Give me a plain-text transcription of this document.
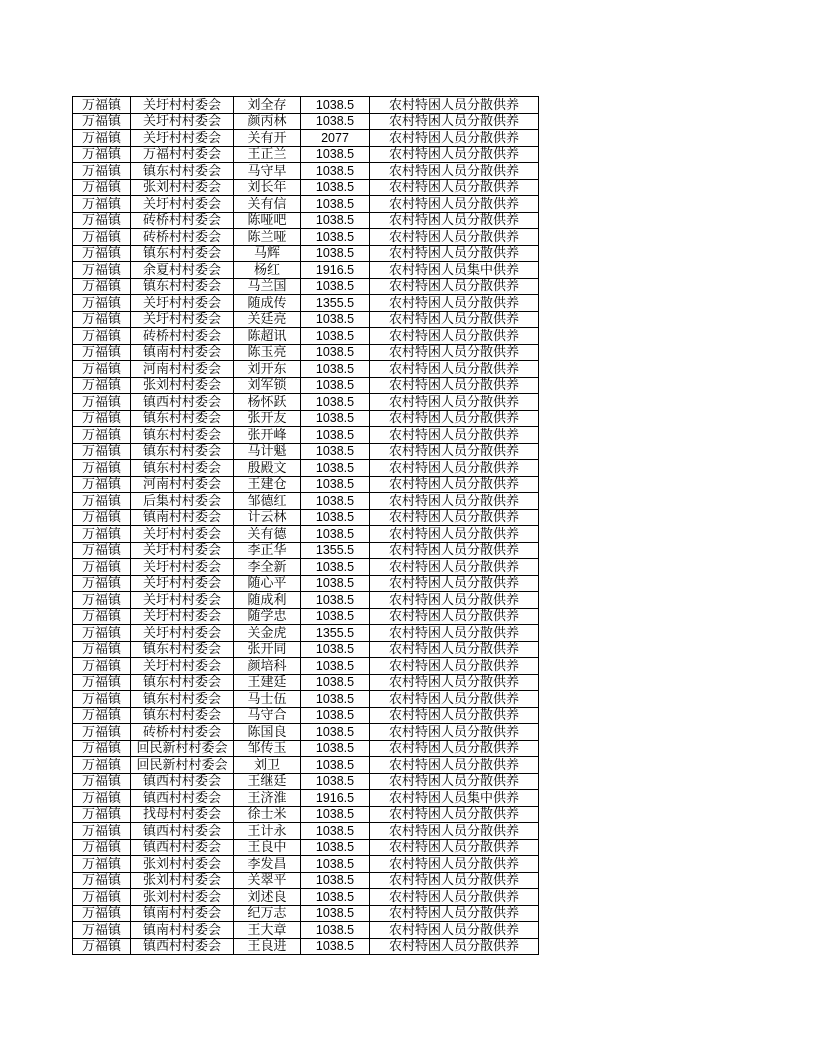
万福镇	关圩村村委会	刘全存	1038.5	农村特困人员分散供养
万福镇	关圩村村委会	颜丙林	1038.5	农村特困人员分散供养
万福镇	关圩村村委会	关有开	2077	农村特困人员分散供养
万福镇	万福村村委会	王正兰	1038.5	农村特困人员分散供养
万福镇	镇东村村委会	马守早	1038.5	农村特困人员分散供养
万福镇	张刘村村委会	刘长年	1038.5	农村特困人员分散供养
万福镇	关圩村村委会	关有信	1038.5	农村特困人员分散供养
万福镇	砖桥村村委会	陈哑吧	1038.5	农村特困人员分散供养
万福镇	砖桥村村委会	陈兰哑	1038.5	农村特困人员分散供养
万福镇	镇东村村委会	马辉	1038.5	农村特困人员分散供养
万福镇	余夏村村委会	杨红	1916.5	农村特困人员集中供养
万福镇	镇东村村委会	马兰国	1038.5	农村特困人员分散供养
万福镇	关圩村村委会	随成传	1355.5	农村特困人员分散供养
万福镇	关圩村村委会	关廷亮	1038.5	农村特困人员分散供养
万福镇	砖桥村村委会	陈超讯	1038.5	农村特困人员分散供养
万福镇	镇南村村委会	陈玉亮	1038.5	农村特困人员分散供养
万福镇	河南村村委会	刘开东	1038.5	农村特困人员分散供养
万福镇	张刘村村委会	刘军锁	1038.5	农村特困人员分散供养
万福镇	镇西村村委会	杨怀跃	1038.5	农村特困人员分散供养
万福镇	镇东村村委会	张开友	1038.5	农村特困人员分散供养
万福镇	镇东村村委会	张开峰	1038.5	农村特困人员分散供养
万福镇	镇东村村委会	马计魁	1038.5	农村特困人员分散供养
万福镇	镇东村村委会	殷殿文	1038.5	农村特困人员分散供养
万福镇	河南村村委会	王建仓	1038.5	农村特困人员分散供养
万福镇	后集村村委会	邹德红	1038.5	农村特困人员分散供养
万福镇	镇南村村委会	计云林	1038.5	农村特困人员分散供养
万福镇	关圩村村委会	关有德	1038.5	农村特困人员分散供养
万福镇	关圩村村委会	李正华	1355.5	农村特困人员分散供养
万福镇	关圩村村委会	李全新	1038.5	农村特困人员分散供养
万福镇	关圩村村委会	随心平	1038.5	农村特困人员分散供养
万福镇	关圩村村委会	随成利	1038.5	农村特困人员分散供养
万福镇	关圩村村委会	随学忠	1038.5	农村特困人员分散供养
万福镇	关圩村村委会	关金虎	1355.5	农村特困人员分散供养
万福镇	镇东村村委会	张开同	1038.5	农村特困人员分散供养
万福镇	关圩村村委会	颜培科	1038.5	农村特困人员分散供养
万福镇	镇东村村委会	王建廷	1038.5	农村特困人员分散供养
万福镇	镇东村村委会	马士伍	1038.5	农村特困人员分散供养
万福镇	镇东村村委会	马守合	1038.5	农村特困人员分散供养
万福镇	砖桥村村委会	陈国良	1038.5	农村特困人员分散供养
万福镇	回民新村村委会	邹传玉	1038.5	农村特困人员分散供养
万福镇	回民新村村委会	刘卫	1038.5	农村特困人员分散供养
万福镇	镇西村村委会	王继廷	1038.5	农村特困人员分散供养
万福镇	镇西村村委会	王济淮	1916.5	农村特困人员集中供养
万福镇	找母村村委会	徐士米	1038.5	农村特困人员分散供养
万福镇	镇西村村委会	王计永	1038.5	农村特困人员分散供养
万福镇	镇西村村委会	王良中	1038.5	农村特困人员分散供养
万福镇	张刘村村委会	李发昌	1038.5	农村特困人员分散供养
万福镇	张刘村村委会	关翠平	1038.5	农村特困人员分散供养
万福镇	张刘村村委会	刘述良	1038.5	农村特困人员分散供养
万福镇	镇南村村委会	纪万志	1038.5	农村特困人员分散供养
万福镇	镇南村村委会	王大章	1038.5	农村特困人员分散供养
万福镇	镇西村村委会	王良进	1038.5	农村特困人员分散供养
